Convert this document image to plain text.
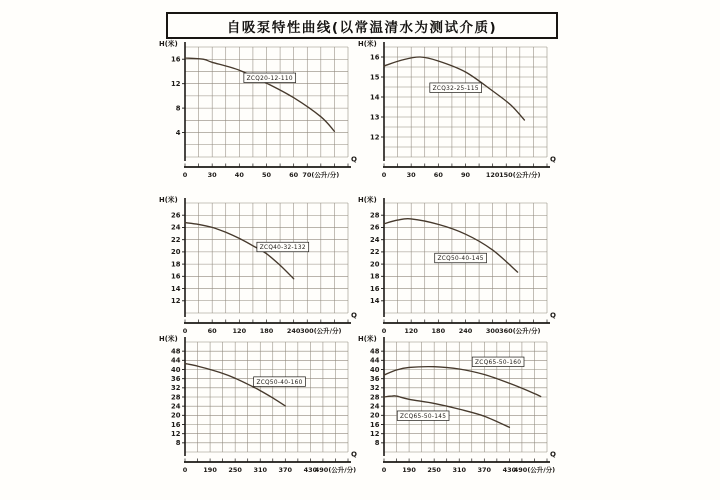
自吸泵特性曲线(以常温清水为测试介质)
H(米)
16
12
8
4
0	30	40	50	60 70(公升/分)
Q
ZCQ20-12-110
H(米)
16
15
14
13
12
0	30	60	90 120 150(公升/分)
Q
ZCQ32-25-115
H(米)
26
24
22
20
18
16
14
12
0	60 120 180 240 300(公升/分)
Q
ZCQ40-32-132
H(米)
28
26
24
22
20
18
16
14
0	120 180 240 300 360(公升/分)
Q
ZCQ50-40-145
H(米)
48
44
40
36
32
28
24
20
16
12
8
0 190 250 310 370 430
490(公升/分)
Q
ZCQ50-40-160
H(米)
48
44
40
36
32
28
24
20
16
12
8
0 190 250 310 370 430
490(公升/分)
Q
ZCQ65-50-160
ZCQ65-50-145
